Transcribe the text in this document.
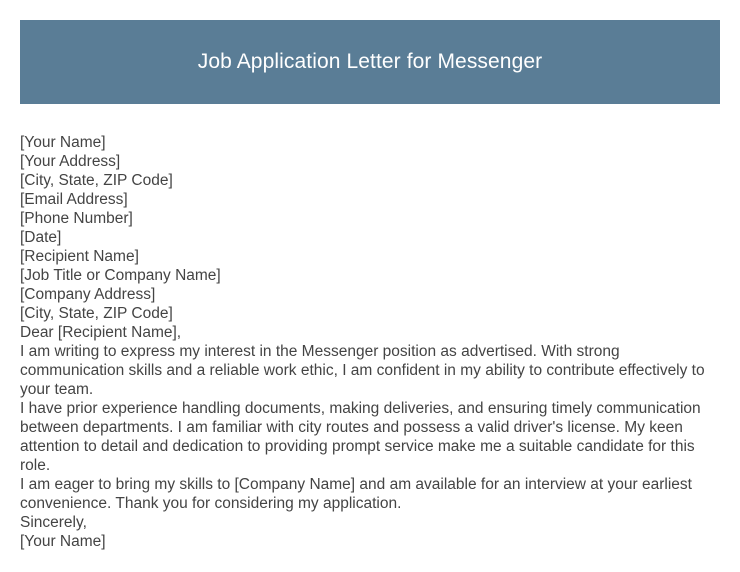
Job Application Letter for Messenger
[Your Name]
[Your Address]
[City, State, ZIP Code]
[Email Address]
[Phone Number]
[Date]
[Recipient Name]
[Job Title or Company Name]
[Company Address]
[City, State, ZIP Code]
Dear [Recipient Name],
I am writing to express my interest in the Messenger position as advertised. With strong communication skills and a reliable work ethic, I am confident in my ability to contribute effectively to your team.
I have prior experience handling documents, making deliveries, and ensuring timely communication between departments. I am familiar with city routes and possess a valid driver's license. My keen attention to detail and dedication to providing prompt service make me a suitable candidate for this role.
I am eager to bring my skills to [Company Name] and am available for an interview at your earliest convenience. Thank you for considering my application.
Sincerely,
[Your Name]
